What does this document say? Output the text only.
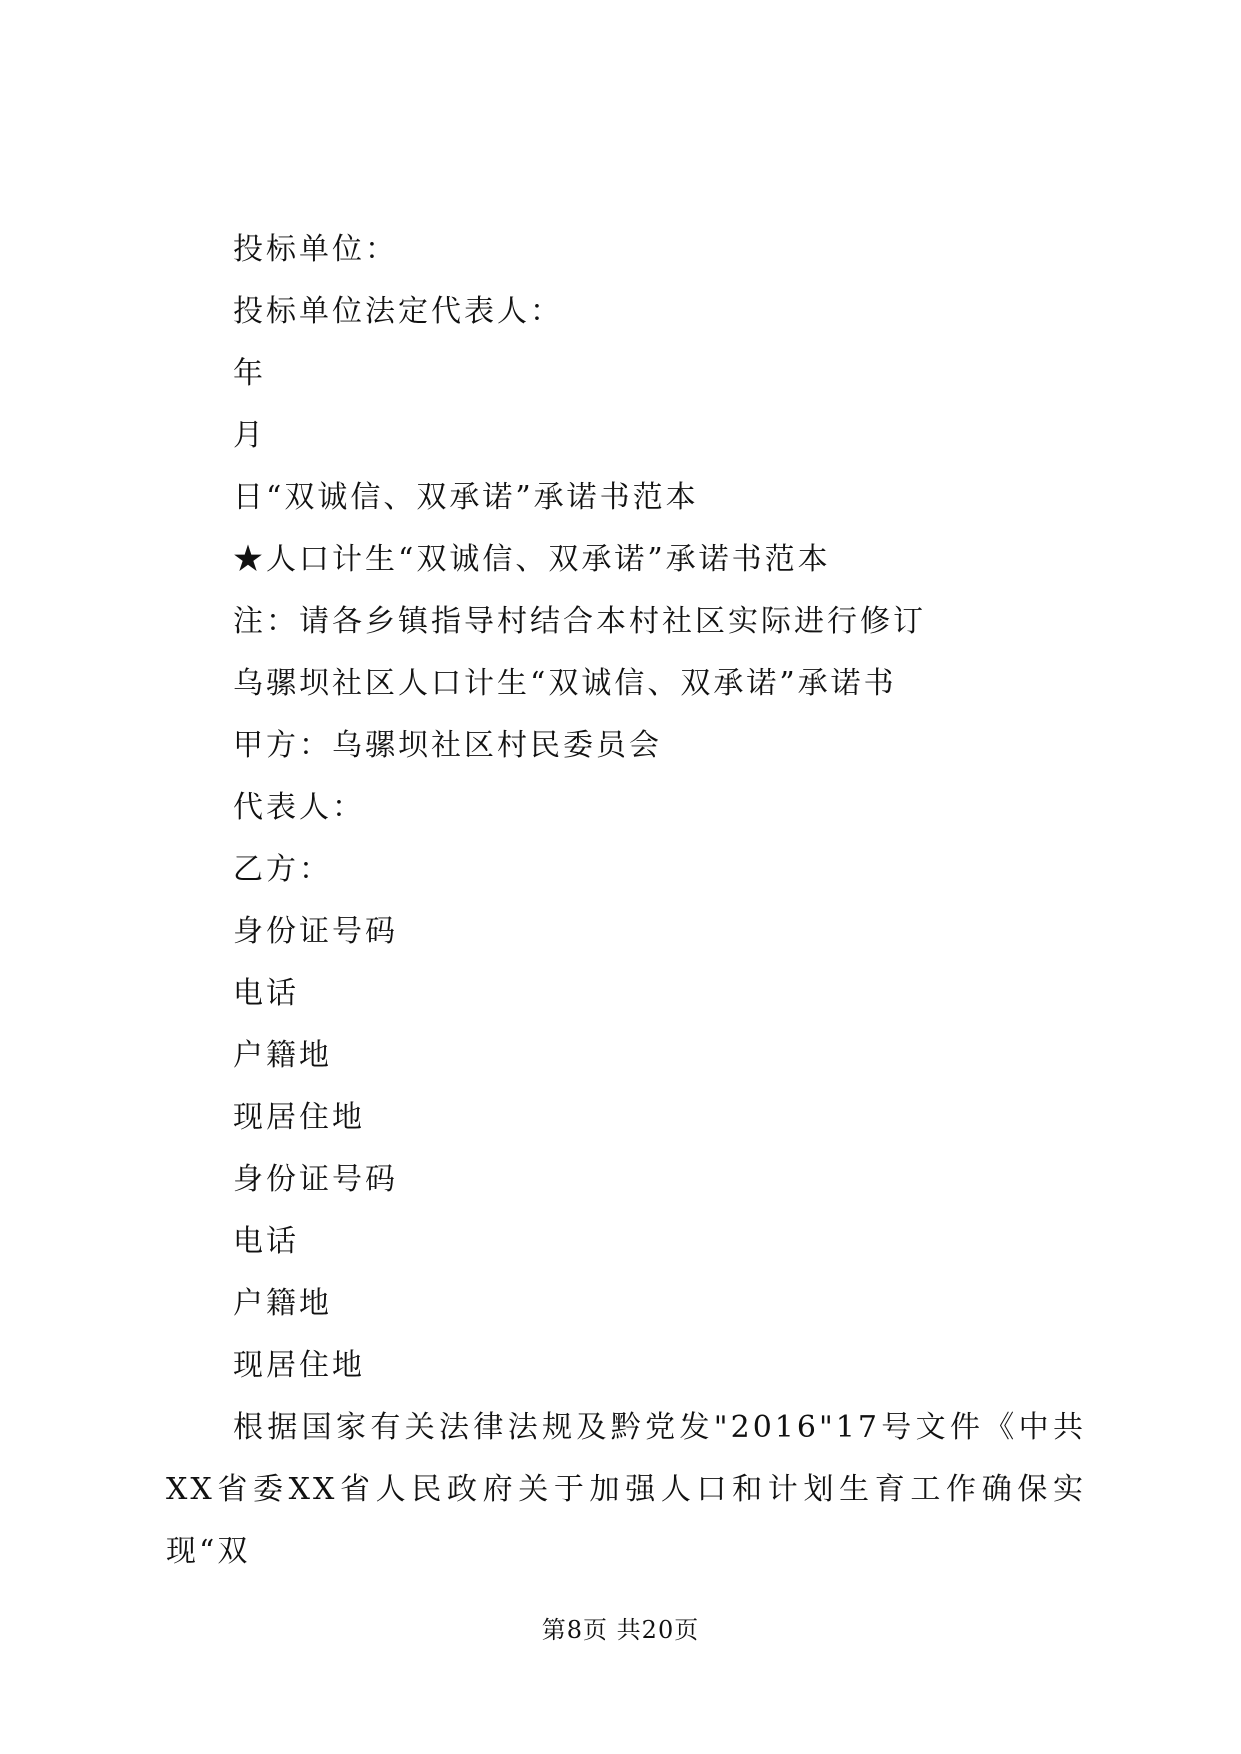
投标单位：
投标单位法定代表人：
年
月
日“双诚信、双承诺”承诺书范本
★人口计生“双诚信、双承诺”承诺书范本
注：请各乡镇指导村结合本村社区实际进行修订
乌骡坝社区人口计生“双诚信、双承诺”承诺书
甲方：乌骡坝社区村民委员会
代表人：
乙方：
身份证号码
电话
户籍地
现居住地
身份证号码
电话
户籍地
现居住地
根据国家有关法律法规及黔党发"2016"17号文件《中共XX省委XX省人民政府关于加强人口和计划生育工作确保实现“双
第8页 共20页
